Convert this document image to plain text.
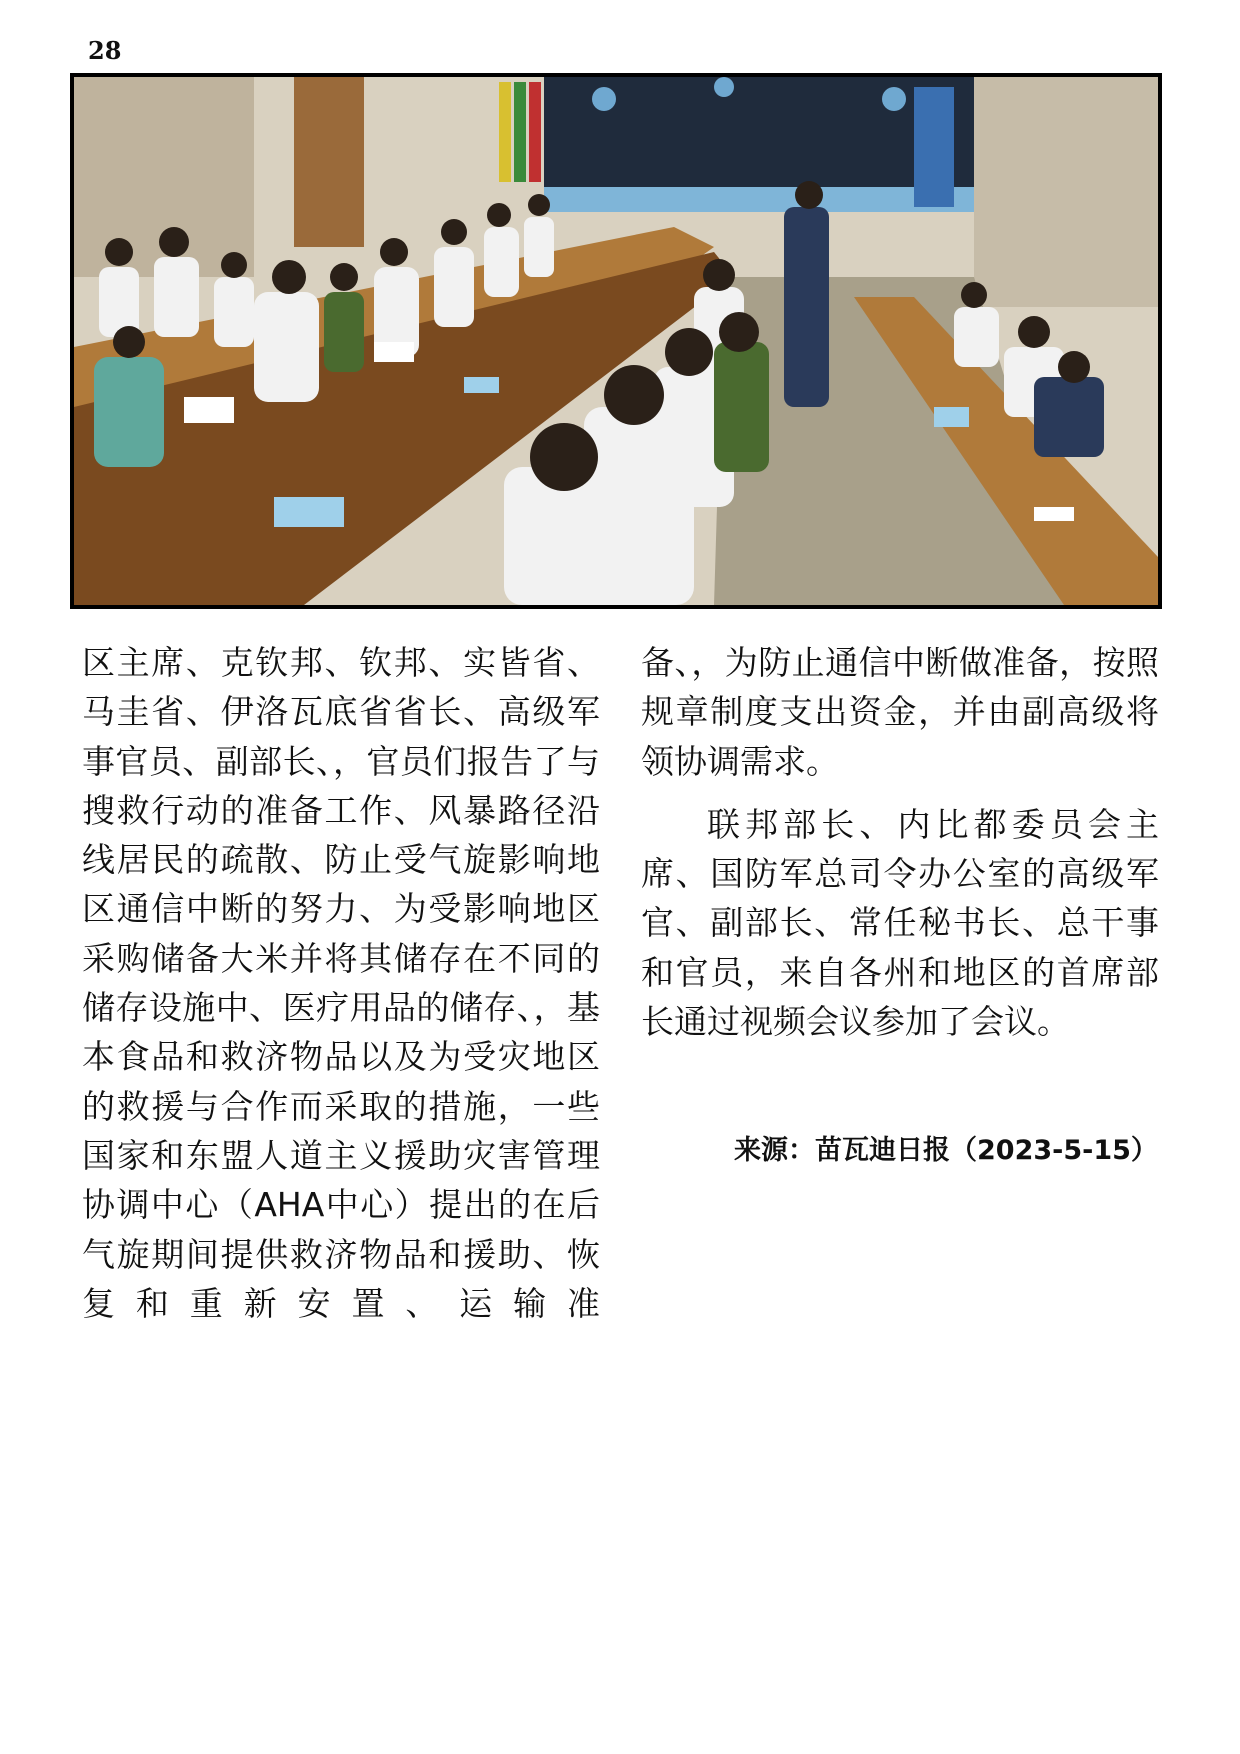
28

区主席、克钦邦、钦邦、实皆省、马圭省、伊洛瓦底省省长、高级军事官员、副部长、，官员们报告了与搜救行动的准备工作、风暴路径沿线居民的疏散、防止受气旋影响地区通信中断的努力、为受影响地区采购储备大米并将其储存在不同的储存设施中、医疗用品的储存、，基本食品和救济物品以及为受灾地区的救援与合作而采取的措施，一些国家和东盟人道主义援助灾害管理协调中心（AHA中心）提出的在后气旋期间提供救济物品和援助、恢复和重新安置、运输准

备、，为防止通信中断做准备，按照规章制度支出资金，并由副高级将领协调需求。

联邦部长、内比都委员会主席、国防军总司令办公室的高级军官、副部长、常任秘书长、总干事和官员，来自各州和地区的首席部长通过视频会议参加了会议。

来源：苗瓦迪日报（2023-5-15）
